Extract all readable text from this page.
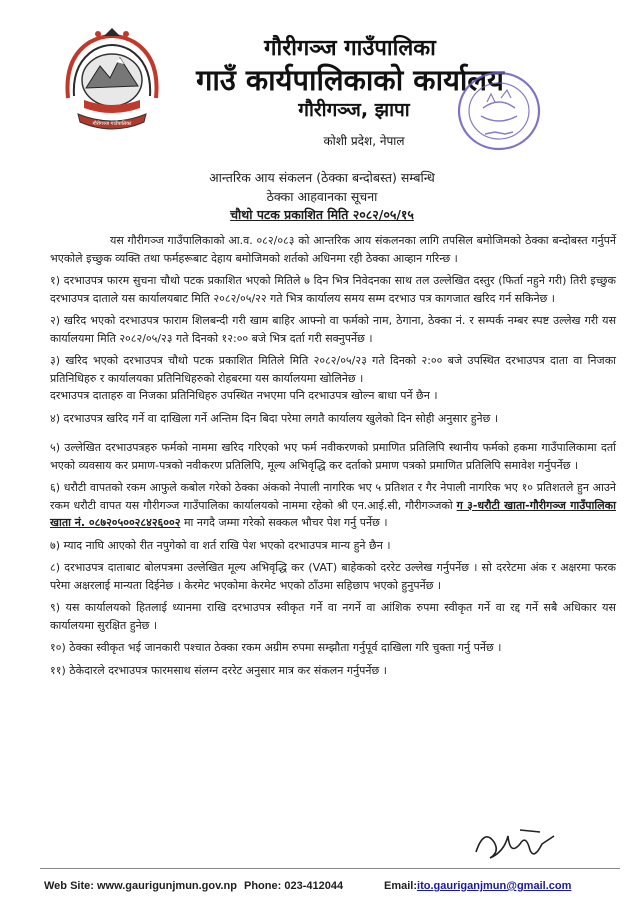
गौरीगञ्ज गाउँपालिका
गौरीगञ्ज गाउँपालिका
गाउँ कार्यपालिकाको कार्यालय
गौरीगञ्ज, झापा
कोशी प्रदेश, नेपाल
आन्तरिक आय संकलन (ठेक्का बन्दोबस्त) सम्बन्धि
ठेक्का आहवानका सूचना
चौथो पटक प्रकाशित मिति २०८२/०५/१५

यस गौरीगञ्ज गाउँपालिकाको आ.व. ०८२/०८३ को आन्तरिक आय संकलनका लागि तपसिल बमोजिमको ठेक्का बन्दोबस्त गर्नुपर्ने भएकोले इच्छुक व्यक्ति तथा फर्महरूबाट देहाय बमोजिमको शर्तको अधिनमा रही ठेक्का आव्हान गरिन्छ ।

१) दरभाउपत्र फारम सुचना चौथो पटक प्रकाशित भएको मितिले ७ दिन भित्र निवेदनका साथ तल उल्लेखित दस्तुर (फिर्ता नहुने गरी) तिरी इच्छुक दरभाउपत्र दाताले यस कार्यालयबाट मिति २०८२/०५/२२ गते भित्र कार्यालय समय सम्म दरभाउ पत्र कागजात खरिद गर्न सकिनेछ ।

२) खरिद भएको दरभाउपत्र फाराम शिलबन्दी गरी खाम बाहिर आफ्नो वा फर्मको नाम, ठेगाना, ठेक्का नं. र सम्पर्क नम्बर स्पष्ट उल्लेख गरी यस कार्यालयमा मिति २०८२/०५/२३ गते दिनको १२:०० बजे भित्र दर्ता गरी सक्नुपर्नेछ ।

३) खरिद भएको दरभाउपत्र चौथो पटक प्रकाशित मितिले मिति २०८२/०५/२३ गते दिनको २:०० बजे उपस्थित दरभाउपत्र दाता वा निजका प्रतिनिधिहरु र कार्यालयका प्रतिनिधिहरुको रोहबरमा यस कार्यालयमा खोलिनेछ ।

दरभाउपत्र दाताहरु वा निजका प्रतिनिधिहरु उपस्थित नभएमा पनि दरभाउपत्र खोल्न बाधा पर्ने छैन ।

४) दरभाउपत्र खरिद गर्ने वा दाखिला गर्ने अन्तिम दिन बिदा परेमा लगतै कार्यालय खुलेको दिन सोही अनुसार हुनेछ ।

५) उल्लेखित दरभाउपत्रहरु फर्मको नाममा खरिद गरिएको भए फर्म नवीकरणको प्रमाणित प्रतिलिपि स्थानीय फर्मको हकमा गाउँपालिकामा दर्ता भएको व्यवसाय कर प्रमाण-पत्रको नवीकरण प्रतिलिपि, मूल्य अभिवृद्धि कर दर्ताको प्रमाण पत्रको प्रमाणित प्रतिलिपि समावेश गर्नुपर्नेछ ।

६) धरौटी वापतको रकम आफुले कबोल गरेको ठेक्का अंकको नेपाली नागरिक भए ५ प्रतिशत र गैर नेपाली नागरिक भए १० प्रतिशतले हुन आउने रकम धरौटी वापत यस गौरीगञ्ज गाउँपालिका कार्यालयको नाममा रहेको श्री एन.आई.सी, गौरीगञ्जको ग ३-धरौटी खाता-गौरीगञ्ज गाउँपालिका खाता नं. ०८७२०५००२८४२६००२ मा नगदै जम्मा गरेको सक्कल भौचर पेश गर्नु पर्नेछ ।

७) म्याद नाघि आएको रीत नपुगेको वा शर्त राखि पेश भएको दरभाउपत्र मान्य हुने छैन ।

८) दरभाउपत्र दाताबाट बोलपत्रमा उल्लेखित मूल्य अभिवृद्धि कर (VAT) बाहेकको दररेट उल्लेख गर्नुपर्नेछ । सो दररेटमा अंक र अक्षरमा फरक परेमा अक्षरलाई मान्यता दिईनेछ । केरमेट भएकोमा केरमेट भएको ठाँउमा सहिछाप भएको हुनुपर्नेछ ।

९) यस कार्यालयको हितलाई ध्यानमा राखि दरभाउपत्र स्वीकृत गर्ने वा नगर्ने वा आंशिक रुपमा स्वीकृत गर्ने वा रद्द गर्ने सबै अधिकार यस कार्यालयमा सुरक्षित हुनेछ ।

१०) ठेक्का स्वीकृत भई जानकारी पश्चात ठेक्का रकम अग्रीम रुपमा सम्झौता गर्नुपूर्व दाखिला गरि चुक्ता गर्नु पर्नेछ ।

११) ठेकेदारले दरभाउपत्र फारमसाथ संलग्न दररेट अनुसार मात्र कर संकलन गर्नुपर्नेछ ।

Web Site: www.gaurigunjmun.gov.np Phone: 023-412044	Email:ito.gauriganjmun@gmail.com
